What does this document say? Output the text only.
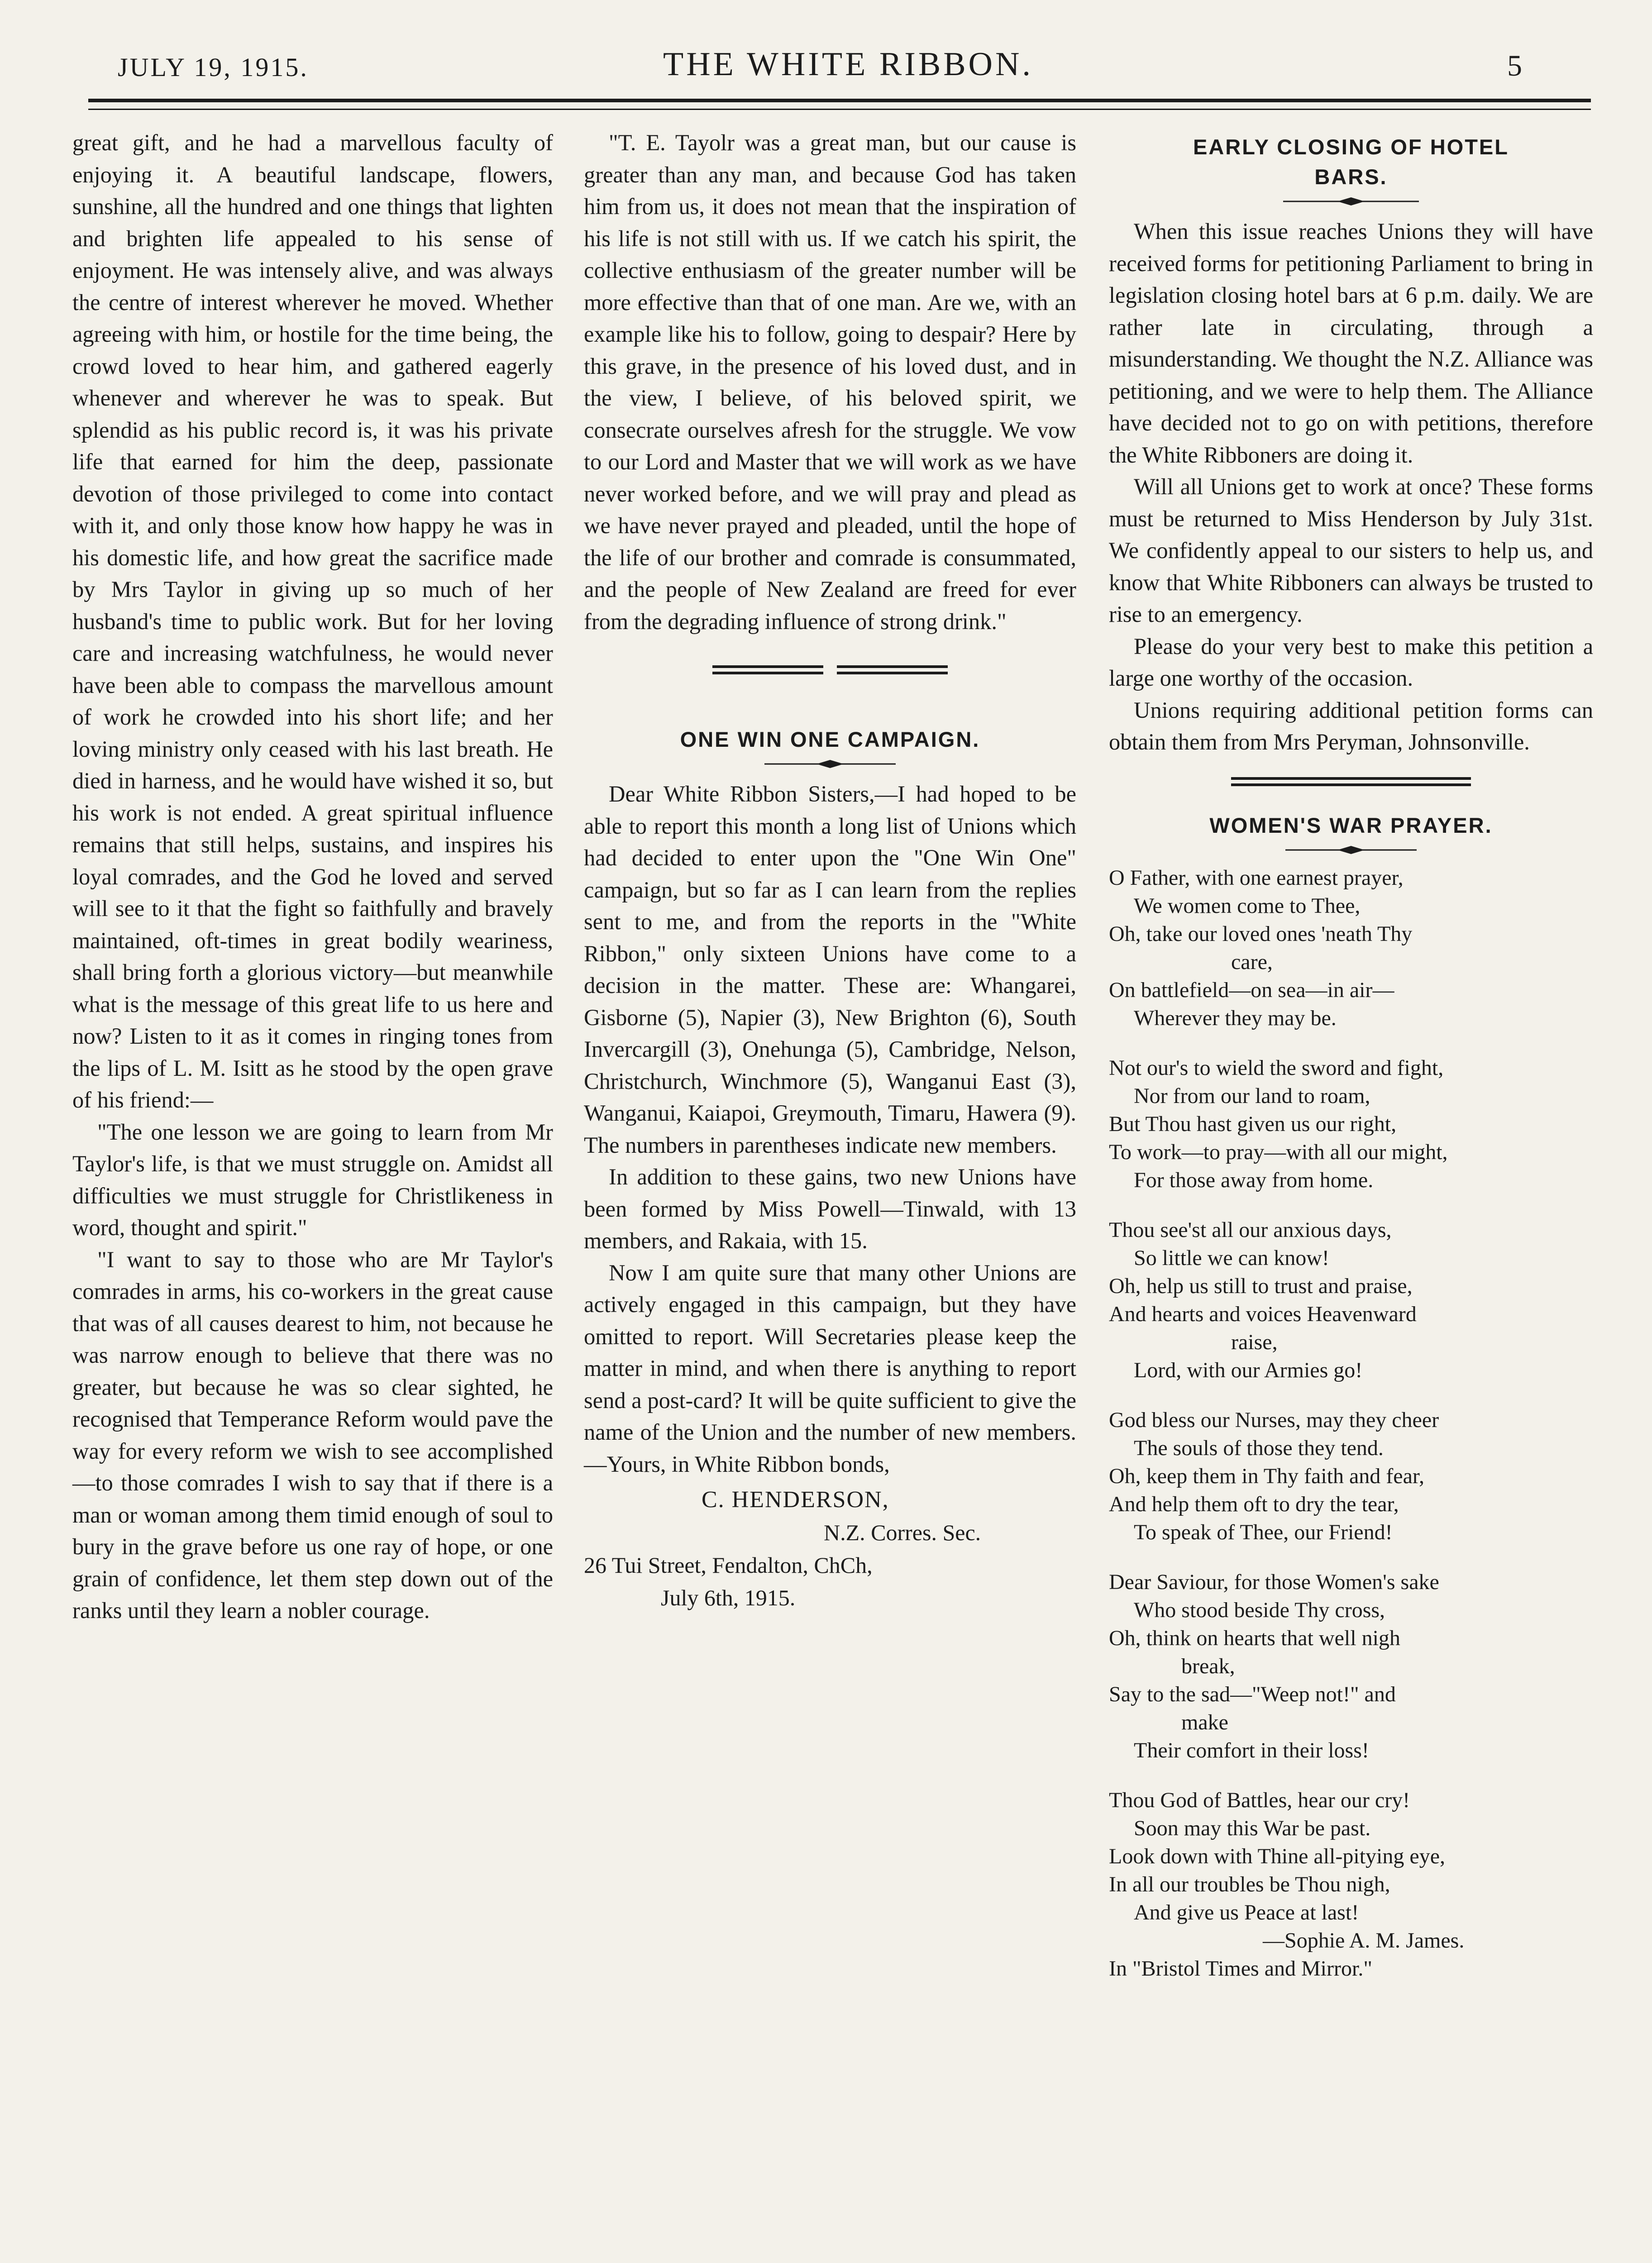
JULY 19, 1915.	THE WHITE RIBBON.	5

great gift, and he had a marvellous faculty of enjoying it. A beautiful landscape, flowers, sunshine, all the hundred and one things that lighten and brighten life appealed to his sense of enjoyment. He was intensely alive, and was always the centre of interest wherever he moved. Whether agreeing with him, or hostile for the time being, the crowd loved to hear him, and gathered eagerly whenever and wherever he was to speak. But splendid as his public record is, it was his private life that earned for him the deep, passionate devotion of those privileged to come into contact with it, and only those know how happy he was in his domestic life, and how great the sacrifice made by Mrs Taylor in giving up so much of her husband's time to public work. But for her loving care and increasing watchfulness, he would never have been able to compass the marvellous amount of work he crowded into his short life; and her loving ministry only ceased with his last breath. He died in harness, and he would have wished it so, but his work is not ended. A great spiritual influence remains that still helps, sustains, and inspires his loyal comrades, and the God he loved and served will see to it that the fight so faithfully and bravely maintained, oft-times in great bodily weariness, shall bring forth a glorious victory—but meanwhile what is the message of this great life to us here and now? Listen to it as it comes in ringing tones from the lips of L. M. Isitt as he stood by the open grave of his friend:—

"The one lesson we are going to learn from Mr Taylor's life, is that we must struggle on. Amidst all difficulties we must struggle for Christlikeness in word, thought and spirit."

"I want to say to those who are Mr Taylor's comrades in arms, his co-workers in the great cause that was of all causes dearest to him, not because he was narrow enough to believe that there was no greater, but because he was so clear sighted, he recognised that Temperance Reform would pave the way for every reform we wish to see accomplished—to those comrades I wish to say that if there is a man or woman among them timid enough of soul to bury in the grave before us one ray of hope, or one grain of confidence, let them step down out of the ranks until they learn a nobler courage.

"T. E. Tayolr was a great man, but our cause is greater than any man, and because God has taken him from us, it does not mean that the inspiration of his life is not still with us. If we catch his spirit, the collective enthusiasm of the greater number will be more effective than that of one man. Are we, with an example like his to follow, going to despair? Here by this grave, in the presence of his loved dust, and in the view, I believe, of his beloved spirit, we consecrate ourselves afresh for the struggle. We vow to our Lord and Master that we will work as we have never worked before, and we will pray and plead as we have never prayed and pleaded, until the hope of the life of our brother and comrade is consummated, and the people of New Zealand are freed for ever from the degrading influence of strong drink."

ONE WIN ONE CAMPAIGN.

Dear White Ribbon Sisters,—I had hoped to be able to report this month a long list of Unions which had decided to enter upon the "One Win One" campaign, but so far as I can learn from the replies sent to me, and from the reports in the "White Ribbon," only sixteen Unions have come to a decision in the matter. These are: Whangarei, Gisborne (5), Napier (3), New Brighton (6), South Invercargill (3), Onehunga (5), Cambridge, Nelson, Christchurch, Winchmore (5), Wanganui East (3), Wanganui, Kaiapoi, Greymouth, Timaru, Hawera (9). The numbers in parentheses indicate new members.

In addition to these gains, two new Unions have been formed by Miss Powell—Tinwald, with 13 members, and Rakaia, with 15.

Now I am quite sure that many other Unions are actively engaged in this campaign, but they have omitted to report. Will Secretaries please keep the matter in mind, and when there is anything to report send a post-card? It will be quite sufficient to give the name of the Union and the number of new members.—Yours, in White Ribbon bonds,

C. HENDERSON,

N.Z. Corres. Sec.

26 Tui Street, Fendalton, ChCh,

July 6th, 1915.

EARLY CLOSING OF HOTEL

BARS.

When this issue reaches Unions they will have received forms for petitioning Parliament to bring in legislation closing hotel bars at 6 p.m. daily. We are rather late in circulating, through a misunderstanding. We thought the N.Z. Alliance was petitioning, and we were to help them. The Alliance have decided not to go on with petitions, therefore the White Ribboners are doing it.

Will all Unions get to work at once? These forms must be returned to Miss Henderson by July 31st. We confidently appeal to our sisters to help us, and know that White Ribboners can always be trusted to rise to an emergency.

Please do your very best to make this petition a large one worthy of the occasion.

Unions requiring additional petition forms can obtain them from Mrs Peryman, Johnsonville.

WOMEN'S WAR PRAYER.

O Father, with one earnest prayer,
We women come to Thee,
Oh, take our loved ones 'neath Thy
care,
On battlefield—on sea—in air—
Wherever they may be.
Not our's to wield the sword and fight,
Nor from our land to roam,
But Thou hast given us our right,
To work—to pray—with all our might,
For those away from home.
Thou see'st all our anxious days,
So little we can know!
Oh, help us still to trust and praise,
And hearts and voices Heavenward
raise,
Lord, with our Armies go!
God bless our Nurses, may they cheer
The souls of those they tend.
Oh, keep them in Thy faith and fear,
And help them oft to dry the tear,
To speak of Thee, our Friend!
Dear Saviour, for those Women's sake
Who stood beside Thy cross,
Oh, think on hearts that well nigh
break,
Say to the sad—"Weep not!" and
make
Their comfort in their loss!
Thou God of Battles, hear our cry!
Soon may this War be past.
Look down with Thine all-pitying eye,
In all our troubles be Thou nigh,
And give us Peace at last!
—Sophie A. M. James.
In "Bristol Times and Mirror."
